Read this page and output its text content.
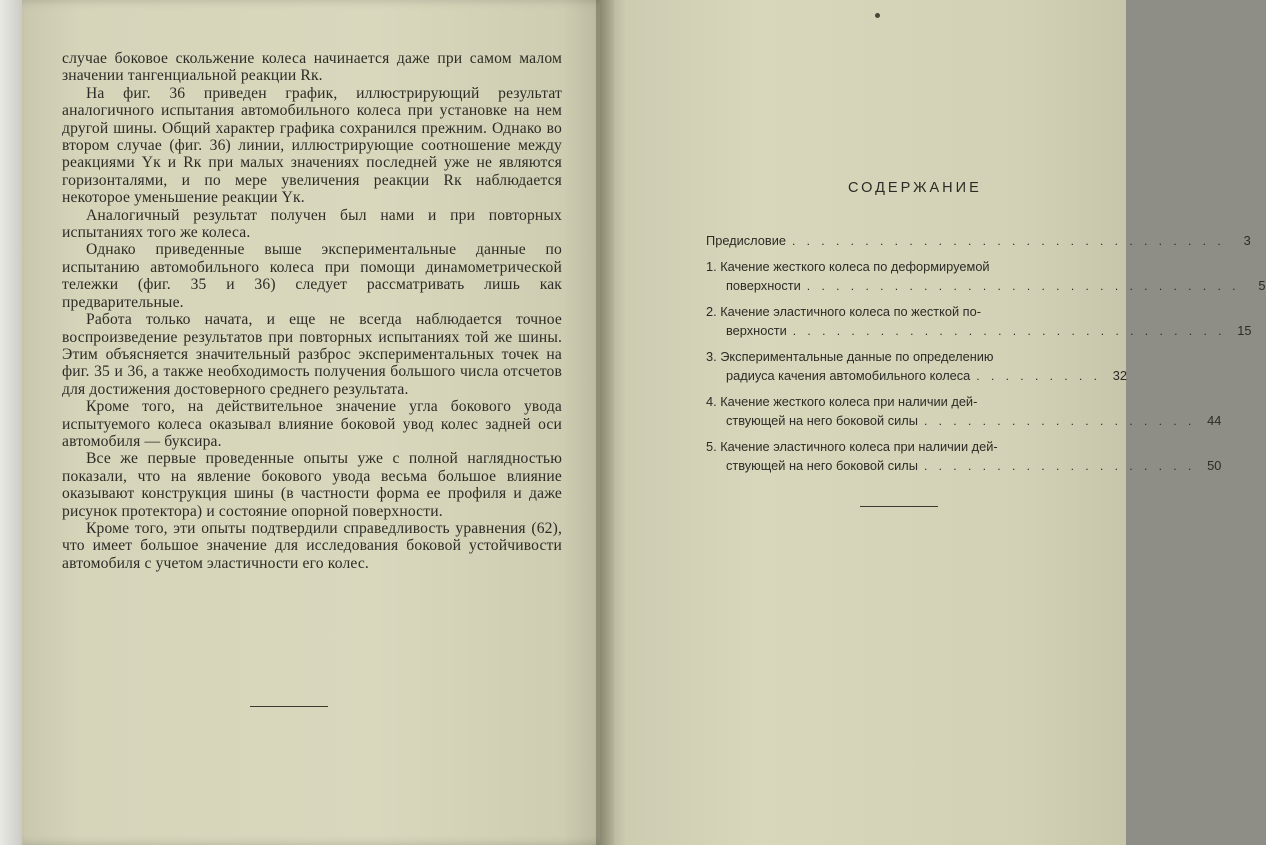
случае боковое скольжение колеса начинается даже при самом малом значении тангенциальной реакции Rк.

На фиг. 36 приведен график, иллюстрирующий результат аналогичного испытания автомобильного колеса при установке на нем другой шины. Общий характер графика сохранился прежним. Однако во втором случае (фиг. 36) линии, иллюстрирующие соотношение между реакциями Yк и Rк при малых значениях последней уже не являются горизонталями, и по мере увеличения реакции Rк наблюдается некоторое уменьшение реакции Yк.

Аналогичный результат получен был нами и при повторных испытаниях того же колеса.

Однако приведенные выше экспериментальные данные по испытанию автомобильного колеса при помощи динамометрической тележки (фиг. 35 и 36) следует рассматривать лишь как предварительные.

Работа только начата, и еще не всегда наблюдается точное воспроизведение результатов при повторных испытаниях той же шины. Этим объясняется значительный разброс экспериментальных точек на фиг. 35 и 36, а также необходимость получения большого числа отсчетов для достижения достоверного среднего результата.

Кроме того, на действительное значение угла бокового увода испытуемого колеса оказывал влияние боковой увод колес задней оси автомобиля — буксира.

Все же первые проведенные опыты уже с полной наглядностью показали, что на явление бокового увода весьма большое влияние оказывают конструкция шины (в частности форма ее профиля и даже рисунок протектора) и состояние опорной поверхности.

Кроме того, эти опыты подтвердили справедливость уравнения (62), что имеет большое значение для исследования боковой устойчивости автомобиля с учетом эластичности его колес.

СОДЕРЖАНИЕ
Предисловие . . . . . . . . . . . . . . . . . . . . . . . . . . . . . .	3
1. Качение жесткого колеса по деформируемой
поверхности . . . . . . . . . . . . . . . . . . . . . . . . . . . . . .	5
2. Качение эластичного колеса по жесткой по-
верхности . . . . . . . . . . . . . . . . . . . . . . . . . . . . . . 15
3. Экспериментальные данные по определению
радиуса качения автомобильного колеса . . . . . . . . . 32
4. Качение жесткого колеса при наличии дей-
ствующей на него боковой силы . . . . . . . . . . . . . . . . . . . 44
5. Качение эластичного колеса при наличии дей-
ствующей на него боковой силы . . . . . . . . . . . . . . . . . . . 50
